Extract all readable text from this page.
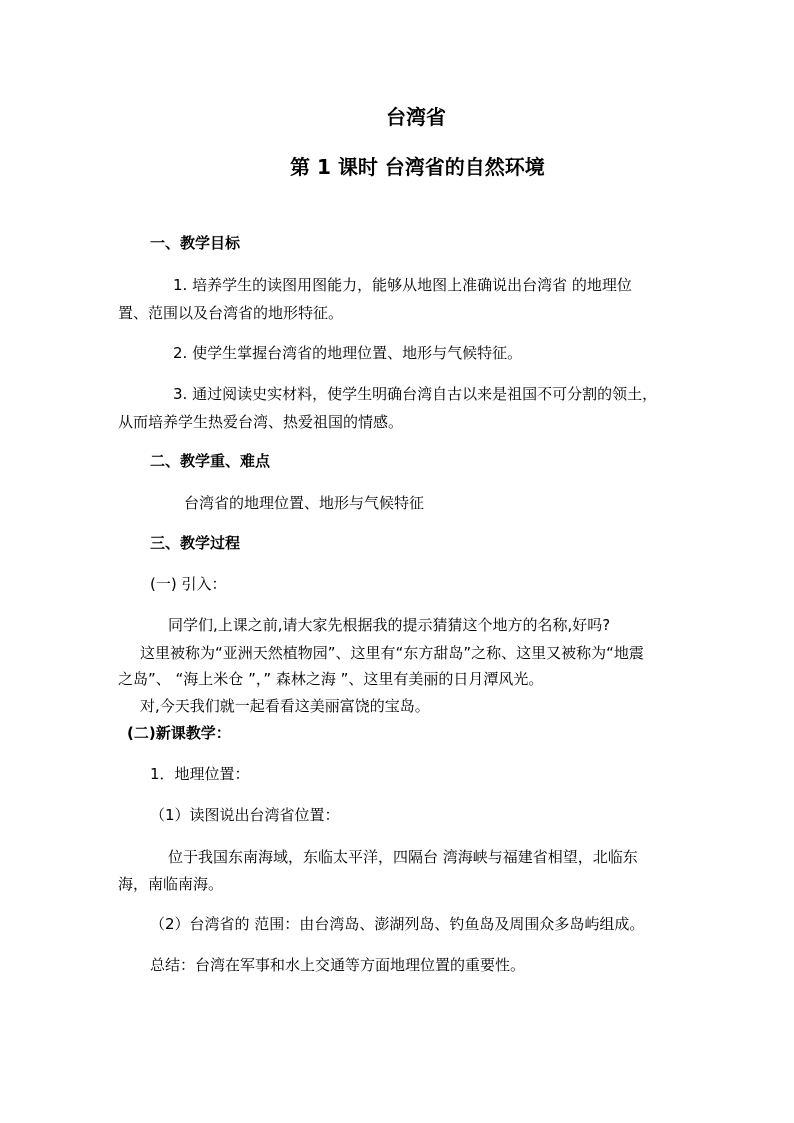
台湾省
第 1 课时 台湾省的自然环境
一、教学目标
1. 培养学生的读图用图能力，能够从地图上准确说出台湾省 的地理位
置、范围以及台湾省的地形特征。
2. 使学生掌握台湾省的地理位置、地形与气候特征。
3. 通过阅读史实材料，使学生明确台湾自古以来是祖国不可分割的领土，
从而培养学生热爱台湾、热爱祖国的情感。
二、教学重、难点
台湾省的地理位置、地形与气候特征
三、教学过程
(一) 引入：
同学们,上课之前,请大家先根据我的提示猜猜这个地方的名称,好吗?
这里被称为“亚洲天然植物园”、这里有“东方甜岛”之称、这里又被称为“地震
之岛”、 “海上米仓 ”，” 森林之海 ”、这里有美丽的日月潭风光。
对,今天我们就一起看看这美丽富饶的宝岛。
(二)新课教学：
1．地理位置：
（1）读图说出台湾省位置：
位于我国东南海域，东临太平洋，四隔台 湾海峡与福建省相望，北临东
海，南临南海。
（2）台湾省的 范围：由台湾岛、澎湖列岛、钓鱼岛及周围众多岛屿组成。
总结：台湾在军事和水上交通等方面地理位置的重要性。
